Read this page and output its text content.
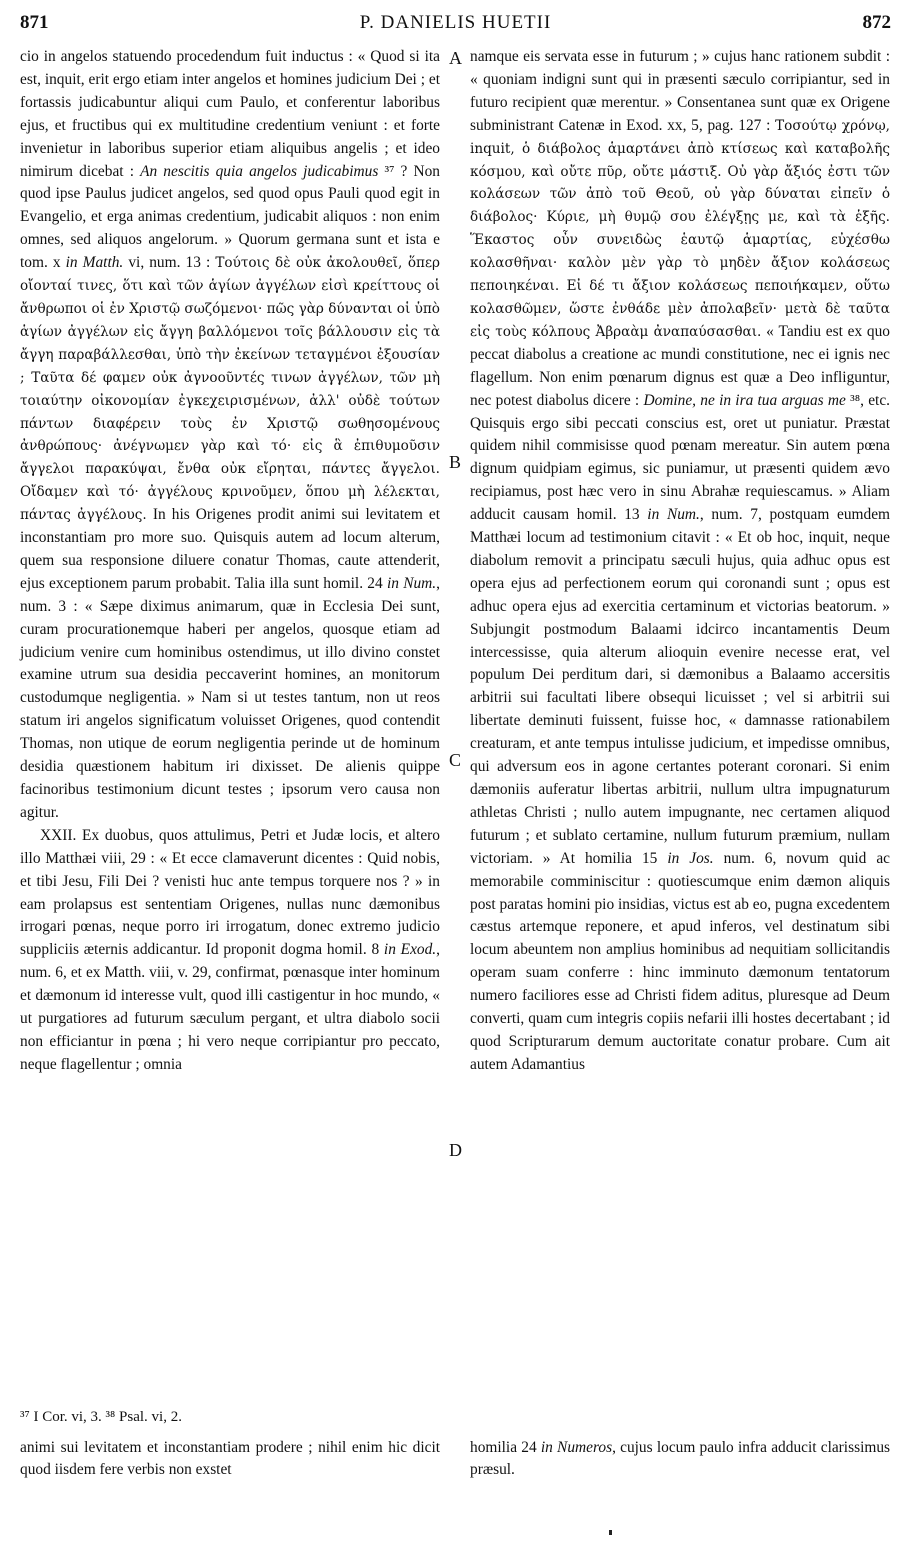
871	P. DANIELIS HUETII	872

cio in angelos statuendo procedendum fuit inductus : « Quod si ita est, inquit, erit ergo etiam inter angelos et homines judicium Dei ; et fortassis judicabuntur aliqui cum Paulo, et conferentur laboribus ejus, et fructibus qui ex multitudine credentium veniunt : et forte invenietur in laboribus superior etiam aliquibus angelis ; et ideo nimirum dicebat : An nescitis quia angelos judicabimus ³⁷ ? Non quod ipse Paulus judicet angelos, sed quod opus Pauli quod egit in Evangelio, et erga animas credentium, judicabit aliquos : non enim omnes, sed aliquos angelorum. » Quorum germana sunt et ista e tom. x in Matth. vi, num. 13 : Τούτοις δὲ οὐκ ἀκολουθεῖ, ὅπερ οἴονταί τινες, ὅτι καὶ τῶν ἁγίων ἀγγέλων εἰσὶ κρείττους οἱ ἄνθρωποι οἱ ἐν Χριστῷ σωζόμενοι· πῶς γὰρ δύνανται οἱ ὑπὸ ἁγίων ἀγγέλων εἰς ἄγγη βαλλόμενοι τοῖς βάλλουσιν εἰς τὰ ἄγγη παραβάλλεσθαι, ὑπὸ τὴν ἐκείνων τεταγμένοι ἐξουσίαν ; Ταῦτα δέ φαμεν οὐκ ἀγνοοῦντές τινων ἀγγέλων, τῶν μὴ τοιαύτην οἰκονομίαν ἐγκεχειρισμένων, ἀλλ' οὐδὲ τούτων πάντων διαφέρειν τοὺς ἐν Χριστῷ σωθησομένους ἀνθρώπους· ἀνέγνωμεν γὰρ καὶ τό· εἰς ἃ ἐπιθυμοῦσιν ἄγγελοι παρακύψαι, ἔνθα οὐκ εἴρηται, πάντες ἄγγελοι. Οἴδαμεν καὶ τό· ἀγγέλους κρινοῦμεν, ὅπου μὴ λέλεκται, πάντας ἀγγέλους. In his Origenes prodit animi sui levitatem et inconstantiam pro more suo. Quisquis autem ad locum alterum, quem sua responsione diluere conatur Thomas, caute attenderit, ejus exceptionem parum probabit. Talia illa sunt homil. 24 in Num., num. 3 : « Sæpe diximus animarum, quæ in Ecclesia Dei sunt, curam procurationemque haberi per angelos, quosque etiam ad judicium venire cum hominibus ostendimus, ut illo divino constet examine utrum sua desidia peccaverint homines, an monitorum custodumque negligentia. » Nam si ut testes tantum, non ut reos statum iri angelos significatum voluisset Origenes, quod contendit Thomas, non utique de eorum negligentia perinde ut de hominum desidia quæstionem habitum iri dixisset. De alienis quippe facinoribus testimonium dicunt testes ; ipsorum vero causa non agitur.

XXII. Ex duobus, quos attulimus, Petri et Judæ locis, et altero illo Matthæi viii, 29 : « Et ecce clamaverunt dicentes : Quid nobis, et tibi Jesu, Fili Dei ? venisti huc ante tempus torquere nos ? » in eam prolapsus est sententiam Origenes, nullas nunc dæmonibus irrogari pœnas, neque porro iri irrogatum, donec extremo judicio suppliciis æternis addicantur. Id proponit dogma homil. 8 in Exod., num. 6, et ex Matth. viii, v. 29, confirmat, pœnasque inter hominum et dæmonum id interesse vult, quod illi castigentur in hoc mundo, « ut purgatiores ad futurum sæculum pergant, et ultra diabolo socii non efficiantur in pœna ; hi vero neque corripiantur pro peccato, neque flagellentur ; omnia

namque eis servata esse in futurum ; » cujus hanc rationem subdit : « quoniam indigni sunt qui in præsenti sæculo corripiantur, sed in futuro recipient quæ merentur. » Consentanea sunt quæ ex Origene subministrant Catenæ in Exod. xx, 5, pag. 127 : Τοσούτῳ χρόνῳ, inquit, ὁ διάβολος ἁμαρτάνει ἀπὸ κτίσεως καὶ καταβολῆς κόσμου, καὶ οὔτε πῦρ, οὔτε μάστιξ. Οὐ γὰρ ἄξιός ἐστι τῶν κολάσεων τῶν ἀπὸ τοῦ Θεοῦ, οὐ γὰρ δύναται εἰπεῖν ὁ διάβολος· Κύριε, μὴ θυμῷ σου ἐλέγξῃς με, καὶ τὰ ἑξῆς. Ἕκαστος οὖν συνειδὼς ἑαυτῷ ἁμαρτίας, εὐχέσθω κολασθῆναι· καλὸν μὲν γὰρ τὸ μηδὲν ἄξιον κολάσεως πεποιηκέναι. Εἰ δέ τι ἄξιον κολάσεως πεποιήκαμεν, οὕτω κολασθῶμεν, ὥστε ἐνθάδε μὲν ἀπολαβεῖν· μετὰ δὲ ταῦτα εἰς τοὺς κόλπους Ἀβραὰμ ἀναπαύσασθαι. « Tandiu est ex quo peccat diabolus a creatione ac mundi constitutione, nec ei ignis nec flagellum. Non enim pœnarum dignus est quæ a Deo infliguntur, nec potest diabolus dicere : Domine, ne in ira tua arguas me ³⁸, etc. Quisquis ergo sibi peccati conscius est, oret ut puniatur. Præstat quidem nihil commisisse quod pœnam mereatur. Sin autem pœna dignum quidpiam egimus, sic puniamur, ut præsenti quidem ævo recipiamus, post hæc vero in sinu Abrahæ requiescamus. » Aliam adducit causam homil. 13 in Num., num. 7, postquam eumdem Matthæi locum ad testimonium citavit : « Et ob hoc, inquit, neque diabolum removit a principatu sæculi hujus, quia adhuc opus est opera ejus ad perfectionem eorum qui coronandi sunt ; opus est adhuc opera ejus ad exercitia certaminum et victorias beatorum. » Subjungit postmodum Balaami idcirco incantamentis Deum intercessisse, quia alterum alioquin evenire necesse erat, vel populum Dei perditum dari, si dæmonibus a Balaamo accersitis arbitrii sui facultati libere obsequi licuisset ; vel si arbitrii sui libertate deminuti fuissent, fuisse hoc, « damnasse rationabilem creaturam, et ante tempus intulisse judicium, et impedisse omnibus, qui adversum eos in agone certantes poterant coronari. Si enim dæmoniis auferatur libertas arbitrii, nullum ultra impugnaturum athletas Christi ; nullo autem impugnante, nec certamen aliquod futurum ; et sublato certamine, nullum futurum præmium, nullam victoriam. » At homilia 15 in Jos. num. 6, novum quid ac memorabile comminiscitur : quotiescumque enim dæmon aliquis post paratas homini pio insidias, victus est ab eo, pugna excedentem cæstus artemque reponere, et apud inferos, vel destinatum sibi locum abeuntem non amplius hominibus ad nequitiam sollicitandis operam suam conferre : hinc imminuto dæmonum tentatorum numero faciliores esse ad Christi fidem aditus, pluresque ad Deum converti, quam cum integris copiis nefarii illi hostes decertabant ; id quod Scripturarum demum auctoritate conatur probare. Cum ait autem Adamantius

A
B
C
D
³⁷ I Cor. vi, 3. ³⁸ Psal. vi, 2.
animi sui levitatem et inconstantiam prodere ; nihil enim hic dicit quod iisdem fere verbis non exstet
homilia 24 in Numeros, cujus locum paulo infra adducit clarissimus præsul.
